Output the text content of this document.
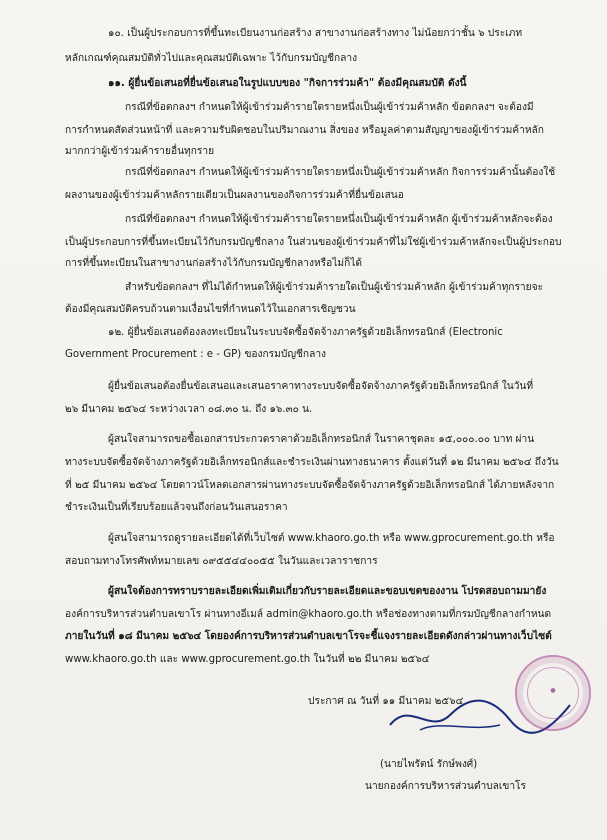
๑๐. เป็นผู้ประกอบการที่ขึ้นทะเบียนงานก่อสร้าง สาขางานก่อสร้างทาง ไม่น้อยกว่าชั้น ๖ ประเภท
หลักเกณฑ์คุณสมบัติทั่วไปและคุณสมบัติเฉพาะ ไว้กับกรมบัญชีกลาง
๑๑. ผู้ยื่นข้อเสนอที่ยื่นข้อเสนอในรูปแบบของ "กิจการร่วมค้า" ต้องมีคุณสมบัติ ดังนี้
กรณีที่ข้อตกลงฯ กำหนดให้ผู้เข้าร่วมค้ารายใดรายหนึ่งเป็นผู้เข้าร่วมค้าหลัก ข้อตกลงฯ จะต้องมี
การกำหนดสัดส่วนหน้าที่ และความรับผิดชอบในปริมาณงาน สิ่งของ หรือมูลค่าตามสัญญาของผู้เข้าร่วมค้าหลัก
มากกว่าผู้เข้าร่วมค้ารายอื่นทุกราย
กรณีที่ข้อตกลงฯ กำหนดให้ผู้เข้าร่วมค้ารายใดรายหนึ่งเป็นผู้เข้าร่วมค้าหลัก กิจการร่วมค้านั้นต้องใช้
ผลงานของผู้เข้าร่วมค้าหลักรายเดียวเป็นผลงานของกิจการร่วมค้าที่ยื่นข้อเสนอ
กรณีที่ข้อตกลงฯ กำหนดให้ผู้เข้าร่วมค้ารายใดรายหนึ่งเป็นผู้เข้าร่วมค้าหลัก ผู้เข้าร่วมค้าหลักจะต้อง
เป็นผู้ประกอบการที่ขึ้นทะเบียนไว้กับกรมบัญชีกลาง ในส่วนของผู้เข้าร่วมค้าที่ไม่ใช่ผู้เข้าร่วมค้าหลักจะเป็นผู้ประกอบ
การที่ขึ้นทะเบียนในสาขางานก่อสร้างไว้กับกรมบัญชีกลางหรือไม่ก็ได้
สำหรับข้อตกลงฯ ที่ไม่ได้กำหนดให้ผู้เข้าร่วมค้ารายใดเป็นผู้เข้าร่วมค้าหลัก ผู้เข้าร่วมค้าทุกรายจะ
ต้องมีคุณสมบัติครบถ้วนตามเงื่อนไขที่กำหนดไว้ในเอกสารเชิญชวน
๑๒. ผู้ยื่นข้อเสนอต้องลงทะเบียนในระบบจัดซื้อจัดจ้างภาครัฐด้วยอิเล็กทรอนิกส์ (Electronic
Government Procurement : e - GP) ของกรมบัญชีกลาง
ผู้ยื่นข้อเสนอต้องยื่นข้อเสนอและเสนอราคาทางระบบจัดซื้อจัดจ้างภาครัฐด้วยอิเล็กทรอนิกส์ ในวันที่
๒๖ มีนาคม ๒๕๖๔ ระหว่างเวลา ๐๘.๓๐ น. ถึง ๑๖.๓๐ น.
ผู้สนใจสามารถขอซื้อเอกสารประกวดราคาด้วยอิเล็กทรอนิกส์ ในราคาชุดละ ๑๕,๐๐๐.๐๐ บาท ผ่าน
ทางระบบจัดซื้อจัดจ้างภาครัฐด้วยอิเล็กทรอนิกส์และชำระเงินผ่านทางธนาคาร ตั้งแต่วันที่ ๑๒ มีนาคม ๒๕๖๔ ถึงวัน
ที่ ๒๕ มีนาคม ๒๕๖๔ โดยดาวน์โหลดเอกสารผ่านทางระบบจัดซื้อจัดจ้างภาครัฐด้วยอิเล็กทรอนิกส์ ได้ภายหลังจาก
ชำระเงินเป็นที่เรียบร้อยแล้วจนถึงก่อนวันเสนอราคา
ผู้สนใจสามารถดูรายละเอียดได้ที่เว็บไซต์ www.khaoro.go.th หรือ www.gprocurement.go.th หรือ
สอบถามทางโทรศัพท์หมายเลข ๐๙๕๕๔๔๐๐๕๕ ในวันและเวลาราชการ
ผู้สนใจต้องการทราบรายละเอียดเพิ่มเติมเกี่ยวกับรายละเอียดและขอบเขตของงาน โปรดสอบถามมายัง
องค์การบริหารส่วนตำบลเขาโร ผ่านทางอีเมล์ admin@khaoro.go.th หรือช่องทางตามที่กรมบัญชีกลางกำหนด
ภายในวันที่ ๑๘ มีนาคม ๒๕๖๔ โดยองค์การบริหารส่วนตำบลเขาโรจะชี้แจงรายละเอียดดังกล่าวผ่านทางเว็บไซต์
www.khaoro.go.th และ www.gprocurement.go.th ในวันที่ ๒๒ มีนาคม ๒๕๖๔
ประกาศ ณ วันที่ ๑๑ มีนาคม ๒๕๖๔
(นายไพรัตน์ รักษ์พงศ์)
นายกองค์การบริหารส่วนตำบลเขาโร
●
